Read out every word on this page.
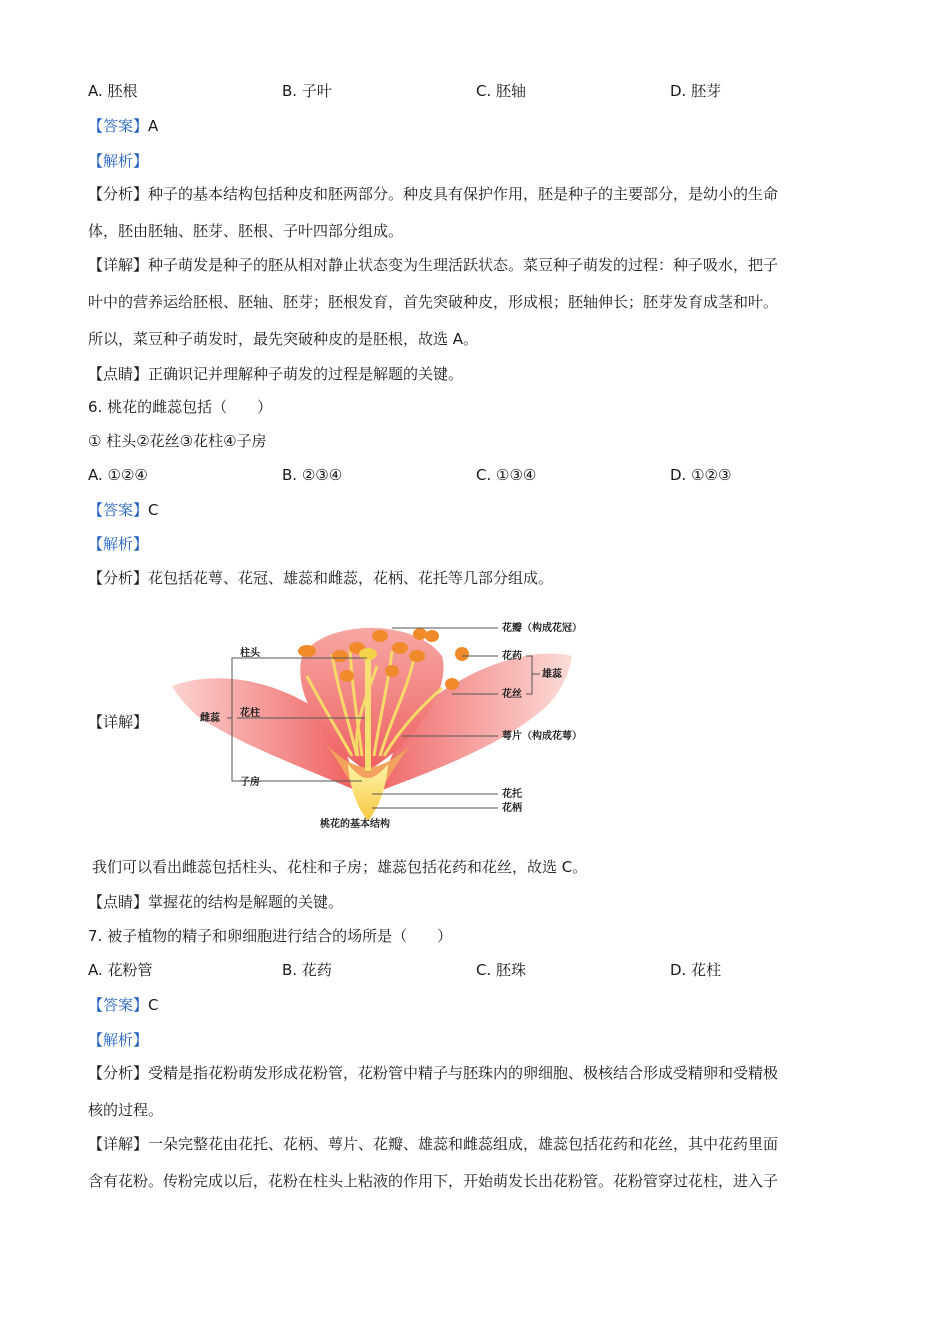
A. 胚根	B. 子叶	C. 胚轴	D. 胚芽
【答案】A
【解析】
【分析】种子的基本结构包括种皮和胚两部分。种皮具有保护作用，胚是种子的主要部分，是幼小的生命
体，胚由胚轴、胚芽、胚根、子叶四部分组成。
【详解】种子萌发是种子的胚从相对静止状态变为生理活跃状态。菜豆种子萌发的过程：种子吸水，把子
叶中的营养运给胚根、胚轴、胚芽；胚根发育，首先突破种皮，形成根；胚轴伸长；胚芽发育成茎和叶。
所以，菜豆种子萌发时，最先突破种皮的是胚根，故选 A。
【点睛】正确识记并理解种子萌发的过程是解题的关键。
6. 桃花的雌蕊包括（　　）
① 柱头②花丝③花柱④子房
A. ①②④	B. ②③④	C. ①③④	D. ①②③
【答案】C
【解析】
【分析】花包括花萼、花冠、雄蕊和雌蕊，花柄、花托等几部分组成。
【详解】
花瓣（构成花冠）
花药
雄蕊
花丝
萼片（构成花萼）
花托
花柄
柱头
雌蕊 花柱
子房
桃花的基本结构
我们可以看出雌蕊包括柱头、花柱和子房；雄蕊包括花药和花丝，故选 C。
【点睛】掌握花的结构是解题的关键。
7. 被子植物的精子和卵细胞进行结合的场所是（　　）
A. 花粉管	B. 花药	C. 胚珠	D. 花柱
【答案】C
【解析】
【分析】受精是指花粉萌发形成花粉管，花粉管中精子与胚珠内的卵细胞、极核结合形成受精卵和受精极
核的过程。
【详解】一朵完整花由花托、花柄、萼片、花瓣、雄蕊和雌蕊组成，雄蕊包括花药和花丝，其中花药里面
含有花粉。传粉完成以后，花粉在柱头上粘液的作用下，开始萌发长出花粉管。花粉管穿过花柱，进入子
